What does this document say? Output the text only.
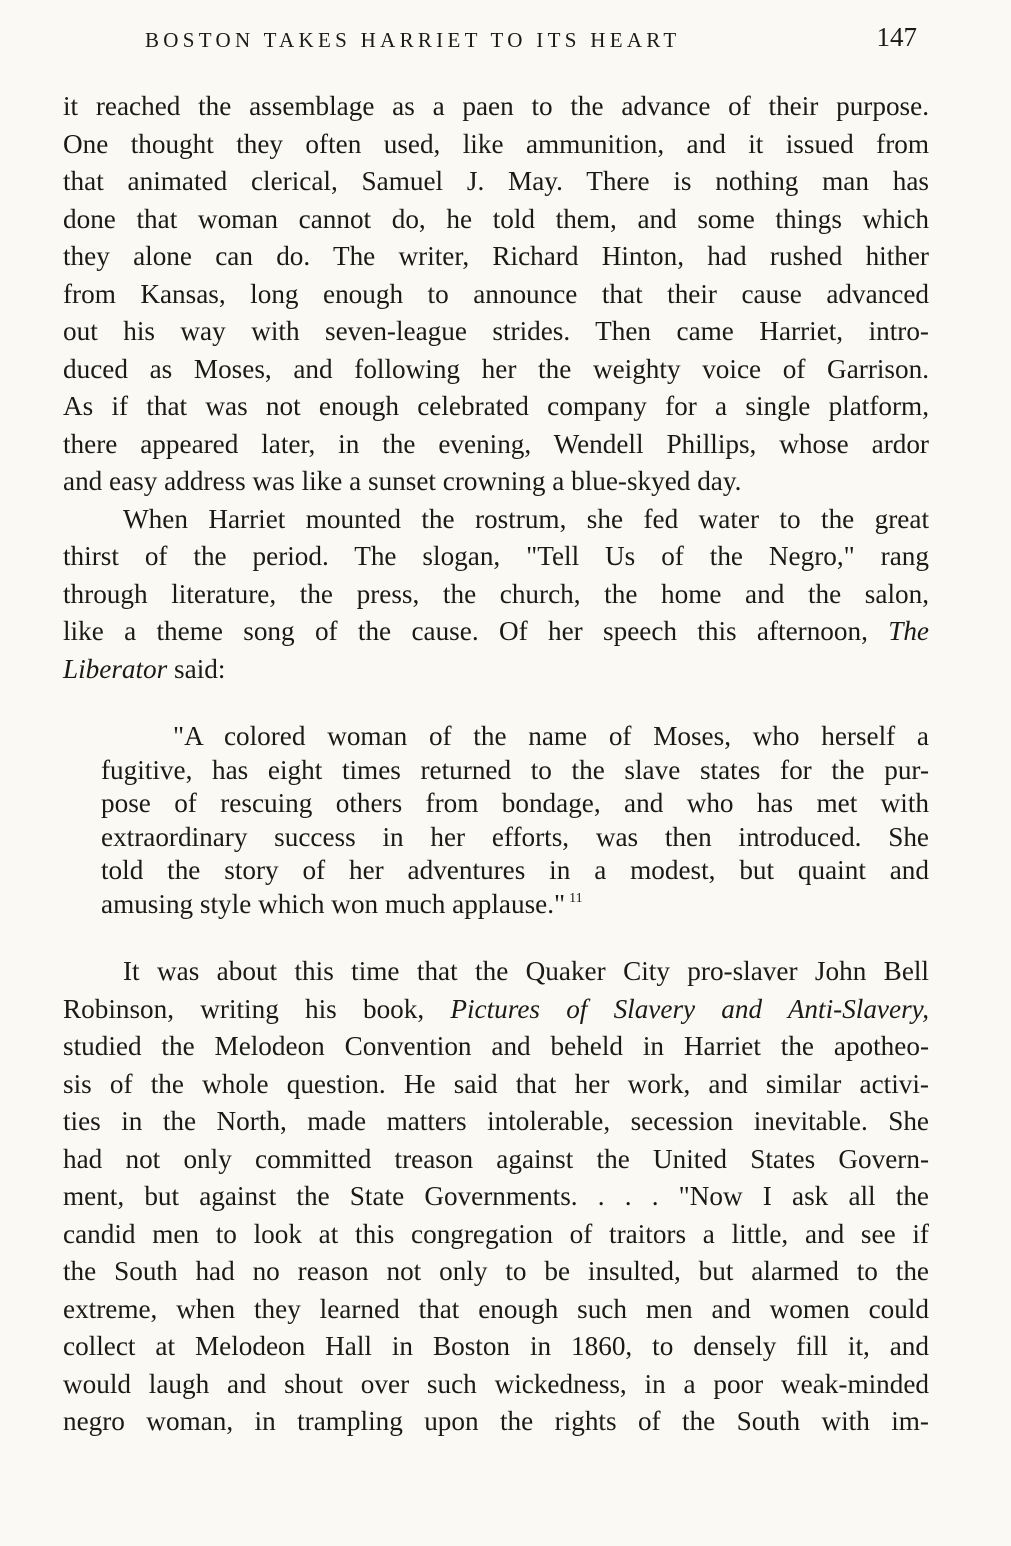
BOSTON TAKES HARRIET TO ITS HEART	147
it reached the assemblage as a paen to the advance of their purpose.
One thought they often used, like ammunition, and it issued from
that animated clerical, Samuel J. May. There is nothing man has
done that woman cannot do, he told them, and some things which
they alone can do. The writer, Richard Hinton, had rushed hither
from Kansas, long enough to announce that their cause advanced
out his way with seven-league strides. Then came Harriet, intro-
duced as Moses, and following her the weighty voice of Garrison.
As if that was not enough celebrated company for a single platform,
there appeared later, in the evening, Wendell Phillips, whose ardor
and easy address was like a sunset crowning a blue-skyed day.
When Harriet mounted the rostrum, she fed water to the great
thirst of the period. The slogan, "Tell Us of the Negro," rang
through literature, the press, the church, the home and the salon,
like a theme song of the cause. Of her speech this afternoon, The
Liberator said:
"A colored woman of the name of Moses, who herself a
fugitive, has eight times returned to the slave states for the pur-
pose of rescuing others from bondage, and who has met with
extraordinary success in her efforts, was then introduced. She
told the story of her adventures in a modest, but quaint and
amusing style which won much applause." $^{11}$
It was about this time that the Quaker City pro-slaver John Bell
Robinson, writing his book, Pictures of Slavery and Anti-Slavery,
studied the Melodeon Convention and beheld in Harriet the apotheo-
sis of the whole question. He said that her work, and similar activi-
ties in the North, made matters intolerable, secession inevitable. She
had not only committed treason against the United States Govern-
ment, but against the State Governments. . . . "Now I ask all the
candid men to look at this congregation of traitors a little, and see if
the South had no reason not only to be insulted, but alarmed to the
extreme, when they learned that enough such men and women could
collect at Melodeon Hall in Boston in 1860, to densely fill it, and
would laugh and shout over such wickedness, in a poor weak-minded
negro woman, in trampling upon the rights of the South with im-
